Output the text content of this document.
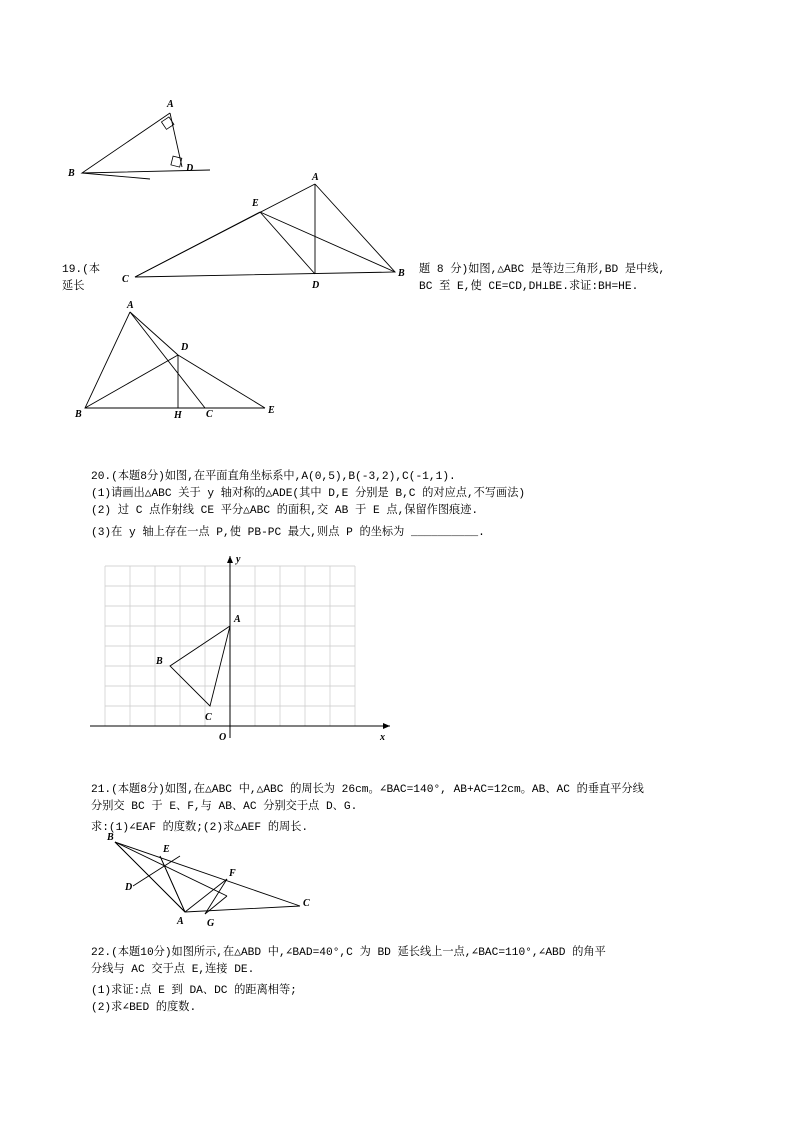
A
D
B	A
E
C
D
B
19.(本
延长
题 8 分)如图,△ABC 是等边三角形,BD 是中线,
BC 至 E,使 CE=CD,DH⊥BE.求证:BH=HE.
A
D
B	H C	E
20.(本题8分)如图,在平面直角坐标系中,A(0,5),B(-3,2),C(-1,1).
(1)请画出△ABC 关于 y 轴对称的△ADE(其中 D,E 分别是 B,C 的对应点,不写画法)
(2) 过 C 点作射线 CE 平分△ABC 的面积,交 AB 于 E 点,保留作图痕迹.
(3)在 y 轴上存在一点 P,使 PB-PC 最大,则点 P 的坐标为 __________.
A
B
C
O	x
y
21.(本题8分)如图,在△ABC 中,△ABC 的周长为 26cm。∠BAC=140°, AB+AC=12cm。AB、AC 的垂直平分线
分别交 BC 于 E、F,与 AB、AC 分别交于点 D、G.
求:(1)∠EAF 的度数;(2)求△AEF 的周长.
B
E
D
F
A G
C
22.(本题10分)如图所示,在△ABD 中,∠BAD=40°,C 为 BD 延长线上一点,∠BAC=110°,∠ABD 的角平
分线与 AC 交于点 E,连接 DE.
(1)求证:点 E 到 DA、DC 的距离相等;
(2)求∠BED 的度数.
